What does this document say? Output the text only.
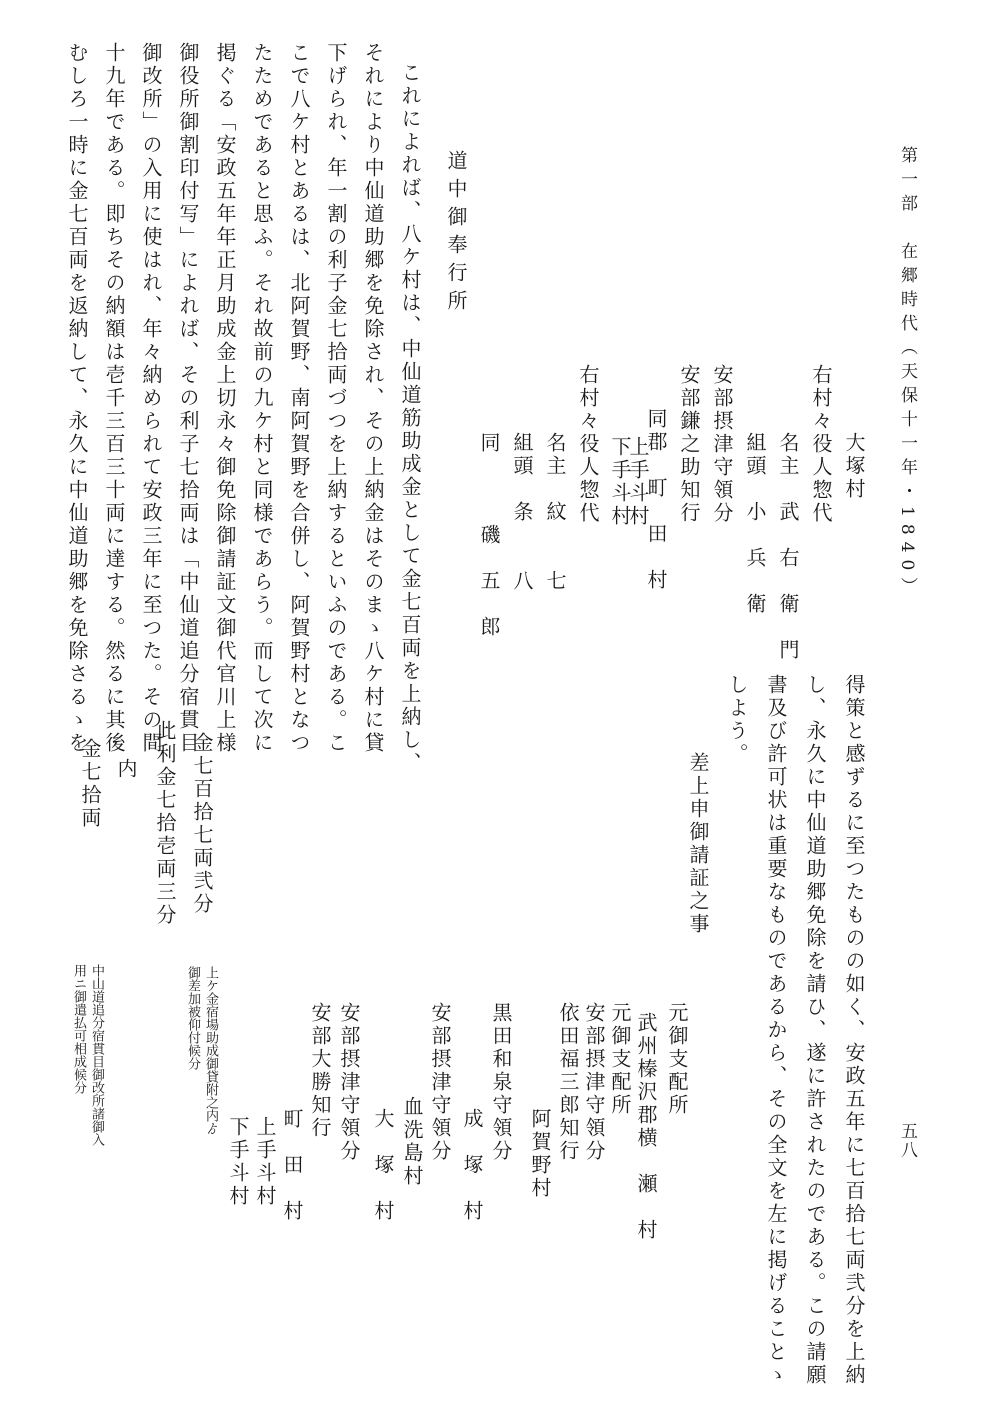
第一部　在郷時代（天保十一年・1840）
五八
大塚村
右村々役人惣代
名主　武　右　衛　門
組頭　小　兵　衛
安部摂津守領分
安部鎌之助知行
同郡　町　田　村
上手斗村
下手斗村
右村々役人惣代
名主　紋　　七
組頭　条　　八
同　　　磯　五　郎
道中御奉行所
これによれば、八ケ村は、中仙道筋助成金として金七百両を上納し、
それにより中仙道助郷を免除され、その上納金はそのまゝ八ケ村に貸
下げられ、年一割の利子金七拾両づつを上納するといふのである。こ
こで八ケ村とあるは、北阿賀野、南阿賀野を合併し、阿賀野村となつ
たためであると思ふ。それ故前の九ケ村と同様であらう。而して次に
掲ぐる「安政五年年正月助成金上切永々御免除御請証文御代官川上様
御役所御割印付写」によれば、その利子七拾両は「中仙道追分宿貫目
御改所」の入用に使はれ、年々納められて安政三年に至つた。その間
十九年である。即ちその納額は壱千三百三十両に達する。然るに其後
むしろ一時に金七百両を返納して、永久に中仙道助郷を免除さるゝを
得策と感ずるに至つたものの如く、安政五年に七百拾七両弐分を上納
し、永久に中仙道助郷免除を請ひ、遂に許されたのである。この請願
書及び許可状は重要なものであるから、その全文を左に掲げることゝ
しよう。
差上申御請証之事
元御支配所
武州榛沢郡横　瀬　村
元御支配所
安部摂津守領分
依田福三郎知行
阿賀野村
黒田和泉守領分
成　塚　村
安部摂津守領分
血洗島村
大　塚　村
安部摂津守領分
安部大勝知行
町　田　村
上手斗村
下手斗村
上ケ金宿場助成御貸附之内ゟ
御差加被仰付候分
金七百拾七両弐分
此利金七拾壱両三分
内
金七拾両
中山道追分宿貫目御改所諸御入
用ニ御遣払可相成候分
